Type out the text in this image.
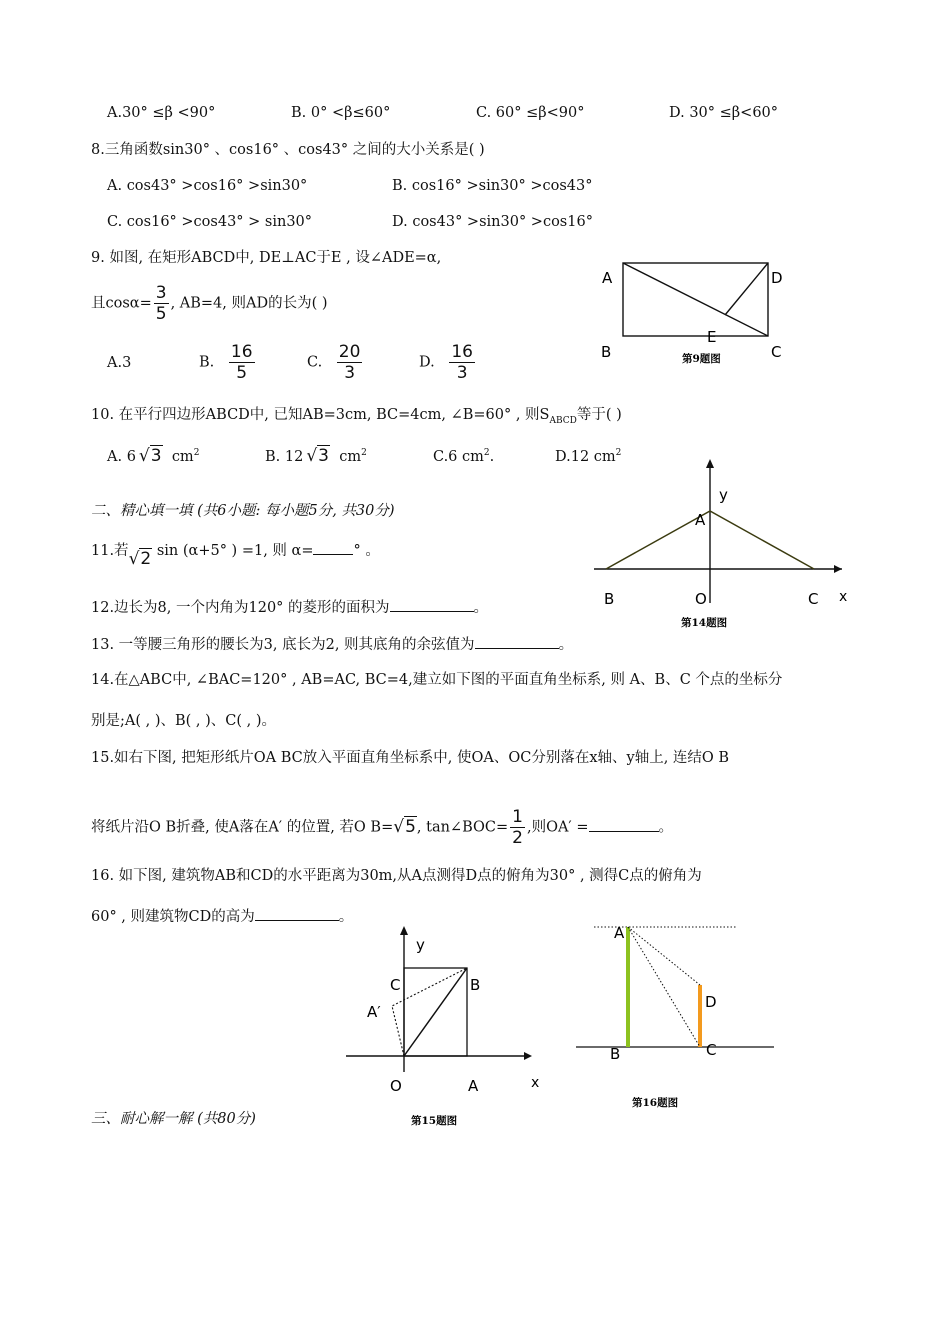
A.30° ≤β <90°	B. 0° <β≤60°	C. 60° ≤β<90°	D. 30° ≤β<60°
8.三角函数sin30° 、cos16° 、cos43° 之间的大小关系是( )
A. cos43° >cos16° >sin30°	B. cos16° >sin30° >cos43°
C. cos16° >cos43° > sin30°	D. cos43° >sin30° >cos16°
9. 如图, 在矩形ABCD中, DE⊥AC于E , 设∠ADE=α,
且$\cos\alpha= \frac{3}{5}$ , AB=4, 则AD的长为( )
A.3	B. $\frac{16}{5}$	C. $\frac{20}{3}$	D. $\frac{16}{3}$
A	D
E
B	C
第9题图
10. 在平行四边形ABCD中, 已知AB=3cm, BC=4cm, ∠B=60° , 则$S_{ABCD}$等于( )
A. 6 √3 $cm^2$	B. 12 √3 $cm^2$	C.6 $cm^2$.	D.12 $cm^2$
二、精心填一填 (共6小题: 每小题5分, 共30分)
11.若√2 sin (α+5° ) =1, 则 α=	° 。
y
A
B	O	C x
第14题图
12.边长为8, 一个内角为120° 的菱形的面积为	。
13. 一等腰三角形的腰长为3, 底长为2, 则其底角的余弦值为	。
14.在△ABC中, ∠BAC=120° , AB=AC, BC=4,建立如下图的平面直角坐标系, 则 A、B、C 个点的坐标分
别是;A( , )、B( , )、C( , )。
15.如右下图, 把矩形纸片OA BC放入平面直角坐标系中, 使OA、OC分别落在x轴、y轴上, 连结O B
将纸片沿O B折叠, 使A落在A′ 的位置, 若O B=√5, tan∠BOC= $\frac{1}{2}$ ,则OA′ =	。
16. 如下图, 建筑物AB和CD的水平距离为30m,从A点测得D点的俯角为30° , 测得C点的俯角为
60° , 则建筑物CD的高为	。
y
C	B
A′
O	A	x
第15题图
A
D
B	C
第16题图
三、耐心解一解 (共80分)
